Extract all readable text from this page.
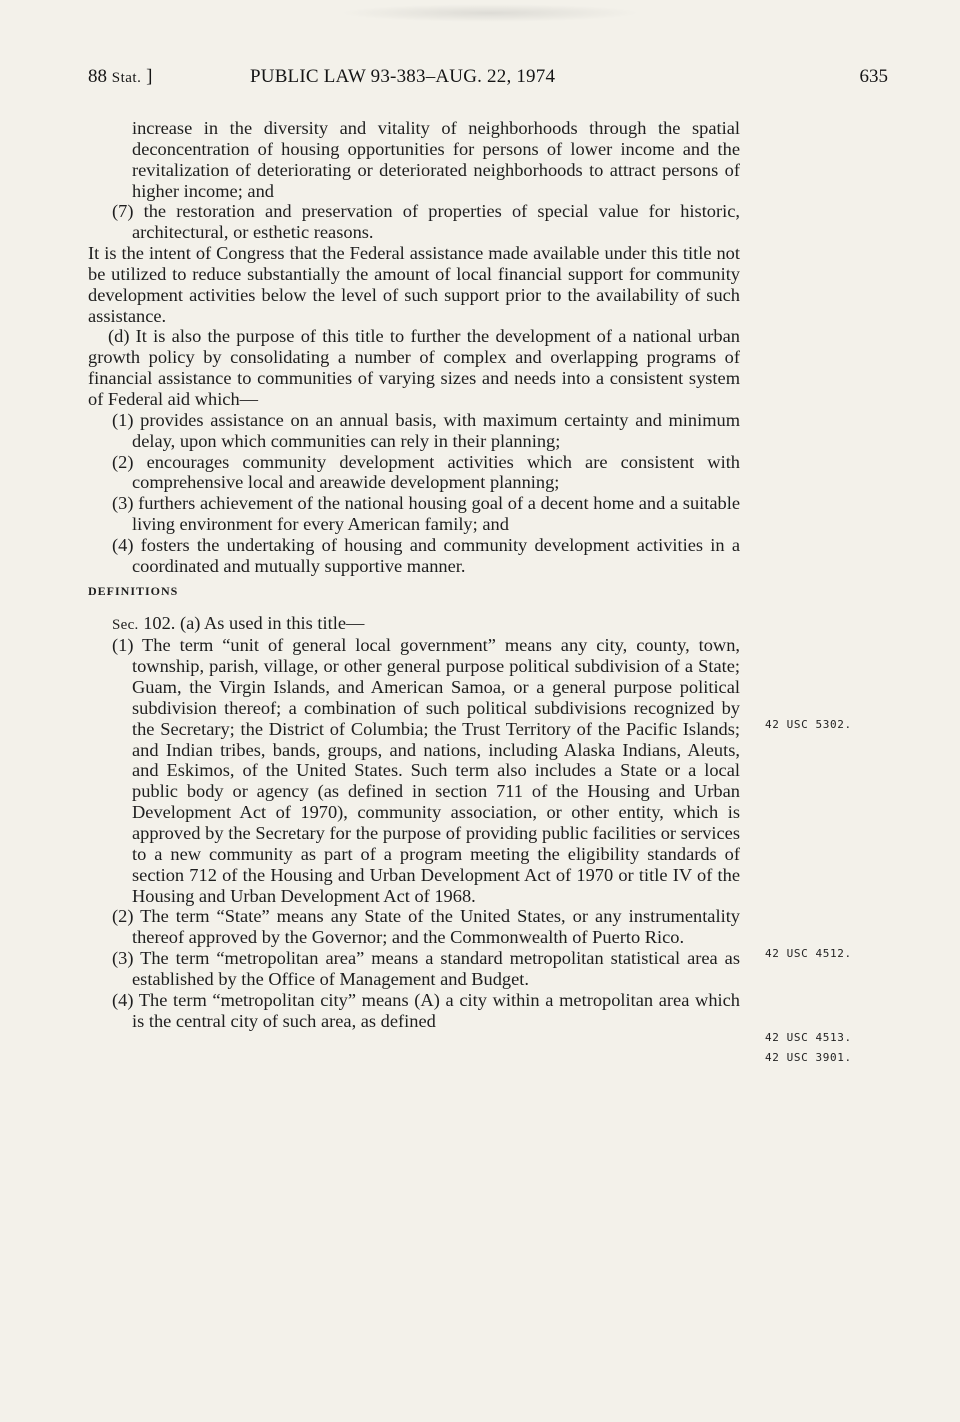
88 Stat. ]	PUBLIC LAW 93-383–AUG. 22, 1974	635

increase in the diversity and vitality of neighborhoods through the spatial deconcentration of housing opportunities for persons of lower income and the revitalization of deteriorating or deteriorated neighborhoods to attract persons of higher income; and

(7) the restoration and preservation of properties of special value for historic, architectural, or esthetic reasons.

It is the intent of Congress that the Federal assistance made available under this title not be utilized to reduce substantially the amount of local financial support for community development activities below the level of such support prior to the availability of such assistance.

(d) It is also the purpose of this title to further the development of a national urban growth policy by consolidating a number of complex and overlapping programs of financial assistance to communities of varying sizes and needs into a consistent system of Federal aid which—

(1) provides assistance on an annual basis, with maximum certainty and minimum delay, upon which communities can rely in their planning;

(2) encourages community development activities which are consistent with comprehensive local and areawide development planning;

(3) furthers achievement of the national housing goal of a decent home and a suitable living environment for every American family; and

(4) fosters the undertaking of housing and community development activities in a coordinated and mutually supportive manner.

DEFINITIONS

Sec. 102. (a) As used in this title—

(1) The term “unit of general local government” means any city, county, town, township, parish, village, or other general purpose political subdivision of a State; Guam, the Virgin Islands, and American Samoa, or a general purpose political subdivision thereof; a combination of such political subdivisions recognized by the Secretary; the District of Columbia; the Trust Territory of the Pacific Islands; and Indian tribes, bands, groups, and nations, including Alaska Indians, Aleuts, and Eskimos, of the United States. Such term also includes a State or a local public body or agency (as defined in section 711 of the Housing and Urban Development Act of 1970), community association, or other entity, which is approved by the Secretary for the purpose of providing public facilities or services to a new community as part of a program meeting the eligibility standards of section 712 of the Housing and Urban Development Act of 1970 or title IV of the Housing and Urban Development Act of 1968.

(2) The term “State” means any State of the United States, or any instrumentality thereof approved by the Governor; and the Commonwealth of Puerto Rico.

(3) The term “metropolitan area” means a standard metropolitan statistical area as established by the Office of Management and Budget.

(4) The term “metropolitan city” means (A) a city within a metropolitan area which is the central city of such area, as defined

42 USC 5302.
42 USC 4512.
42 USC 4513.
42 USC 3901.
